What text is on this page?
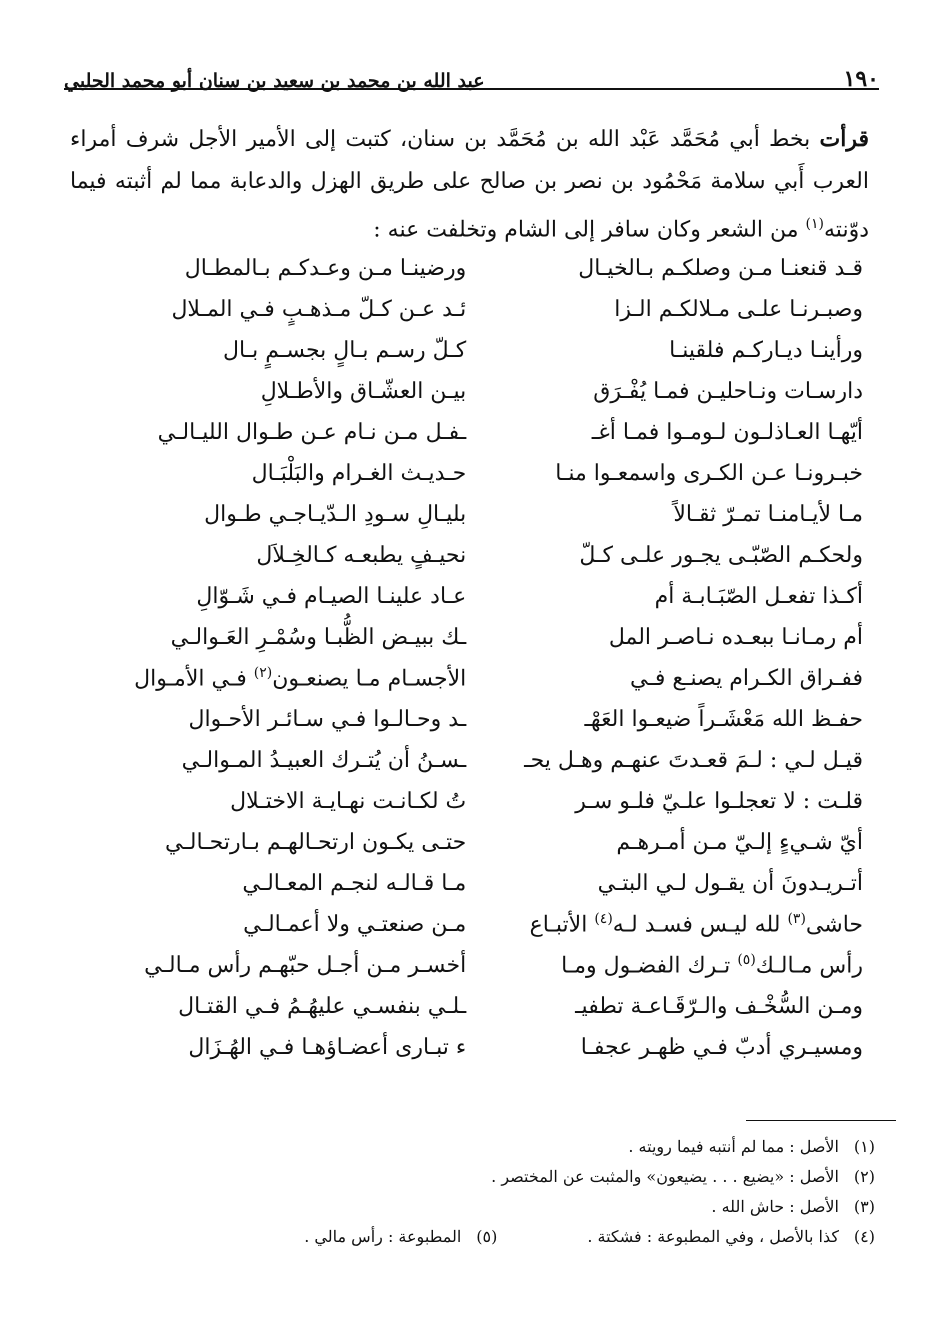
١٩٠
عبد الله بن محمد بن سعيد بن سنان أبو محمد الحلبي
قرأت بخط أبي مُحَمَّد عَبْد الله بن مُحَمَّد بن سنان، كتبت إلى الأمير الأجل شرف أمراء العرب أَبي سلامة مَحْمُود بن نصر بن صالح على طريق الهزل والدعابة مما لم أثبته فيما دوّنته$^{(١)}$ من الشعر وكان سافر إلى الشام وتخلفت عنه :
قـد قنعنـا مـن وصلكـم بـالخيـال
ورضينـا مـن وعـدكـم بـالمطـال
وصبـرنـا علـى مـلالكـم الـزا
ئـد عـن كـلّ مـذهـبٍ فـي المـلال
ورأينـا ديـاركـم فلقينـا
كـلّ رسـم بـالٍ بجسـمٍ بـال
دارسـات ونـاحليـن فمـا يُفْـرَق
بيـن العشّـاق والأطـلالِ
أيّهـا العـاذلـون لـومـوا فمـا أغـ
ـفـل مـن نـام عـن طـوال الليـالـي
خبـرونـا عـن الكـرى واسمعـوا منـا
حـديـث الغـرام والبَلْبَـال
مـا لأيـامنـا تمـرّ ثقـالاً
بليـالِ سـودِ الـدّيـاجـي طـوال
ولحكـم الصّبّـى يجـور علـى كـلّ
نحيـفٍ يطبعـه كـالخِـلاَل
أكـذا تفعـل الصّبَـابـة أم
عـاد علينـا الصيـام فـي شَـوّالِ
أم رمـانـا ببعـده نـاصـر المل
ـك ببيـض الظُّبـا وسُمْـرِ العَـوالـي
ففـراق الكـرام يصنـع فـي
الأجسـام مـا يصنعـون$^{(٢)}$ فـي الأمـوال
حفـظ الله مَعْشَـراً ضيعـوا العَهْـ
ـد وحـالـوا فـي سـائـر الأحـوال
قيـل لـي : لـمَ قعـدتَ عنهـم وهـل يحـ
ـسـنُ أن يُتـرك العبيـدُ المـوالـي
قلـت : لا تعجلـوا علـيّ فلـو سـر
تُ لكـانـت نهـايـة الاختـلال
أيّ شـيءٍ إلـيّ مـن أمـرهـم
حتـى يكـون ارتحـالهـم بـارتحـالـي
أتـريـدونَ أن يقـول لـي البتـي
مـا قـالـه لنجـم المعـالـي
حاشى$^{(٣)}$ لله ليـس فسـد لـه$^{(٤)}$ الأتبـاع
مـن صنعتـي ولا أعمـالـي
رأس مـالـك$^{(٥)}$ تـرك الفضـول ومـا
أخسـر مـن أجـل حبّهـم رأس مـالـي
ومـن السُّخْـف والـرّقَـاعـة تطفيـ
ـلـي بنفسـي عليهُـمُ فـي القتـال
ومسيـري أدبّ فـي ظهـر عجفـا
ء تبـارى أعضـاؤهـا فـي الهُـزَال
(١)
الأصل : مما لم أنتبه فيما رويته .
(٢)
الأصل : «يضيع . . . يضيعون» والمثبت عن المختصر .
(٣)
الأصل : حاش الله .
(٤)
كذا بالأصل ، وفي المطبوعة : فشكتة .
(٥)
المطبوعة : رأس مالي .
